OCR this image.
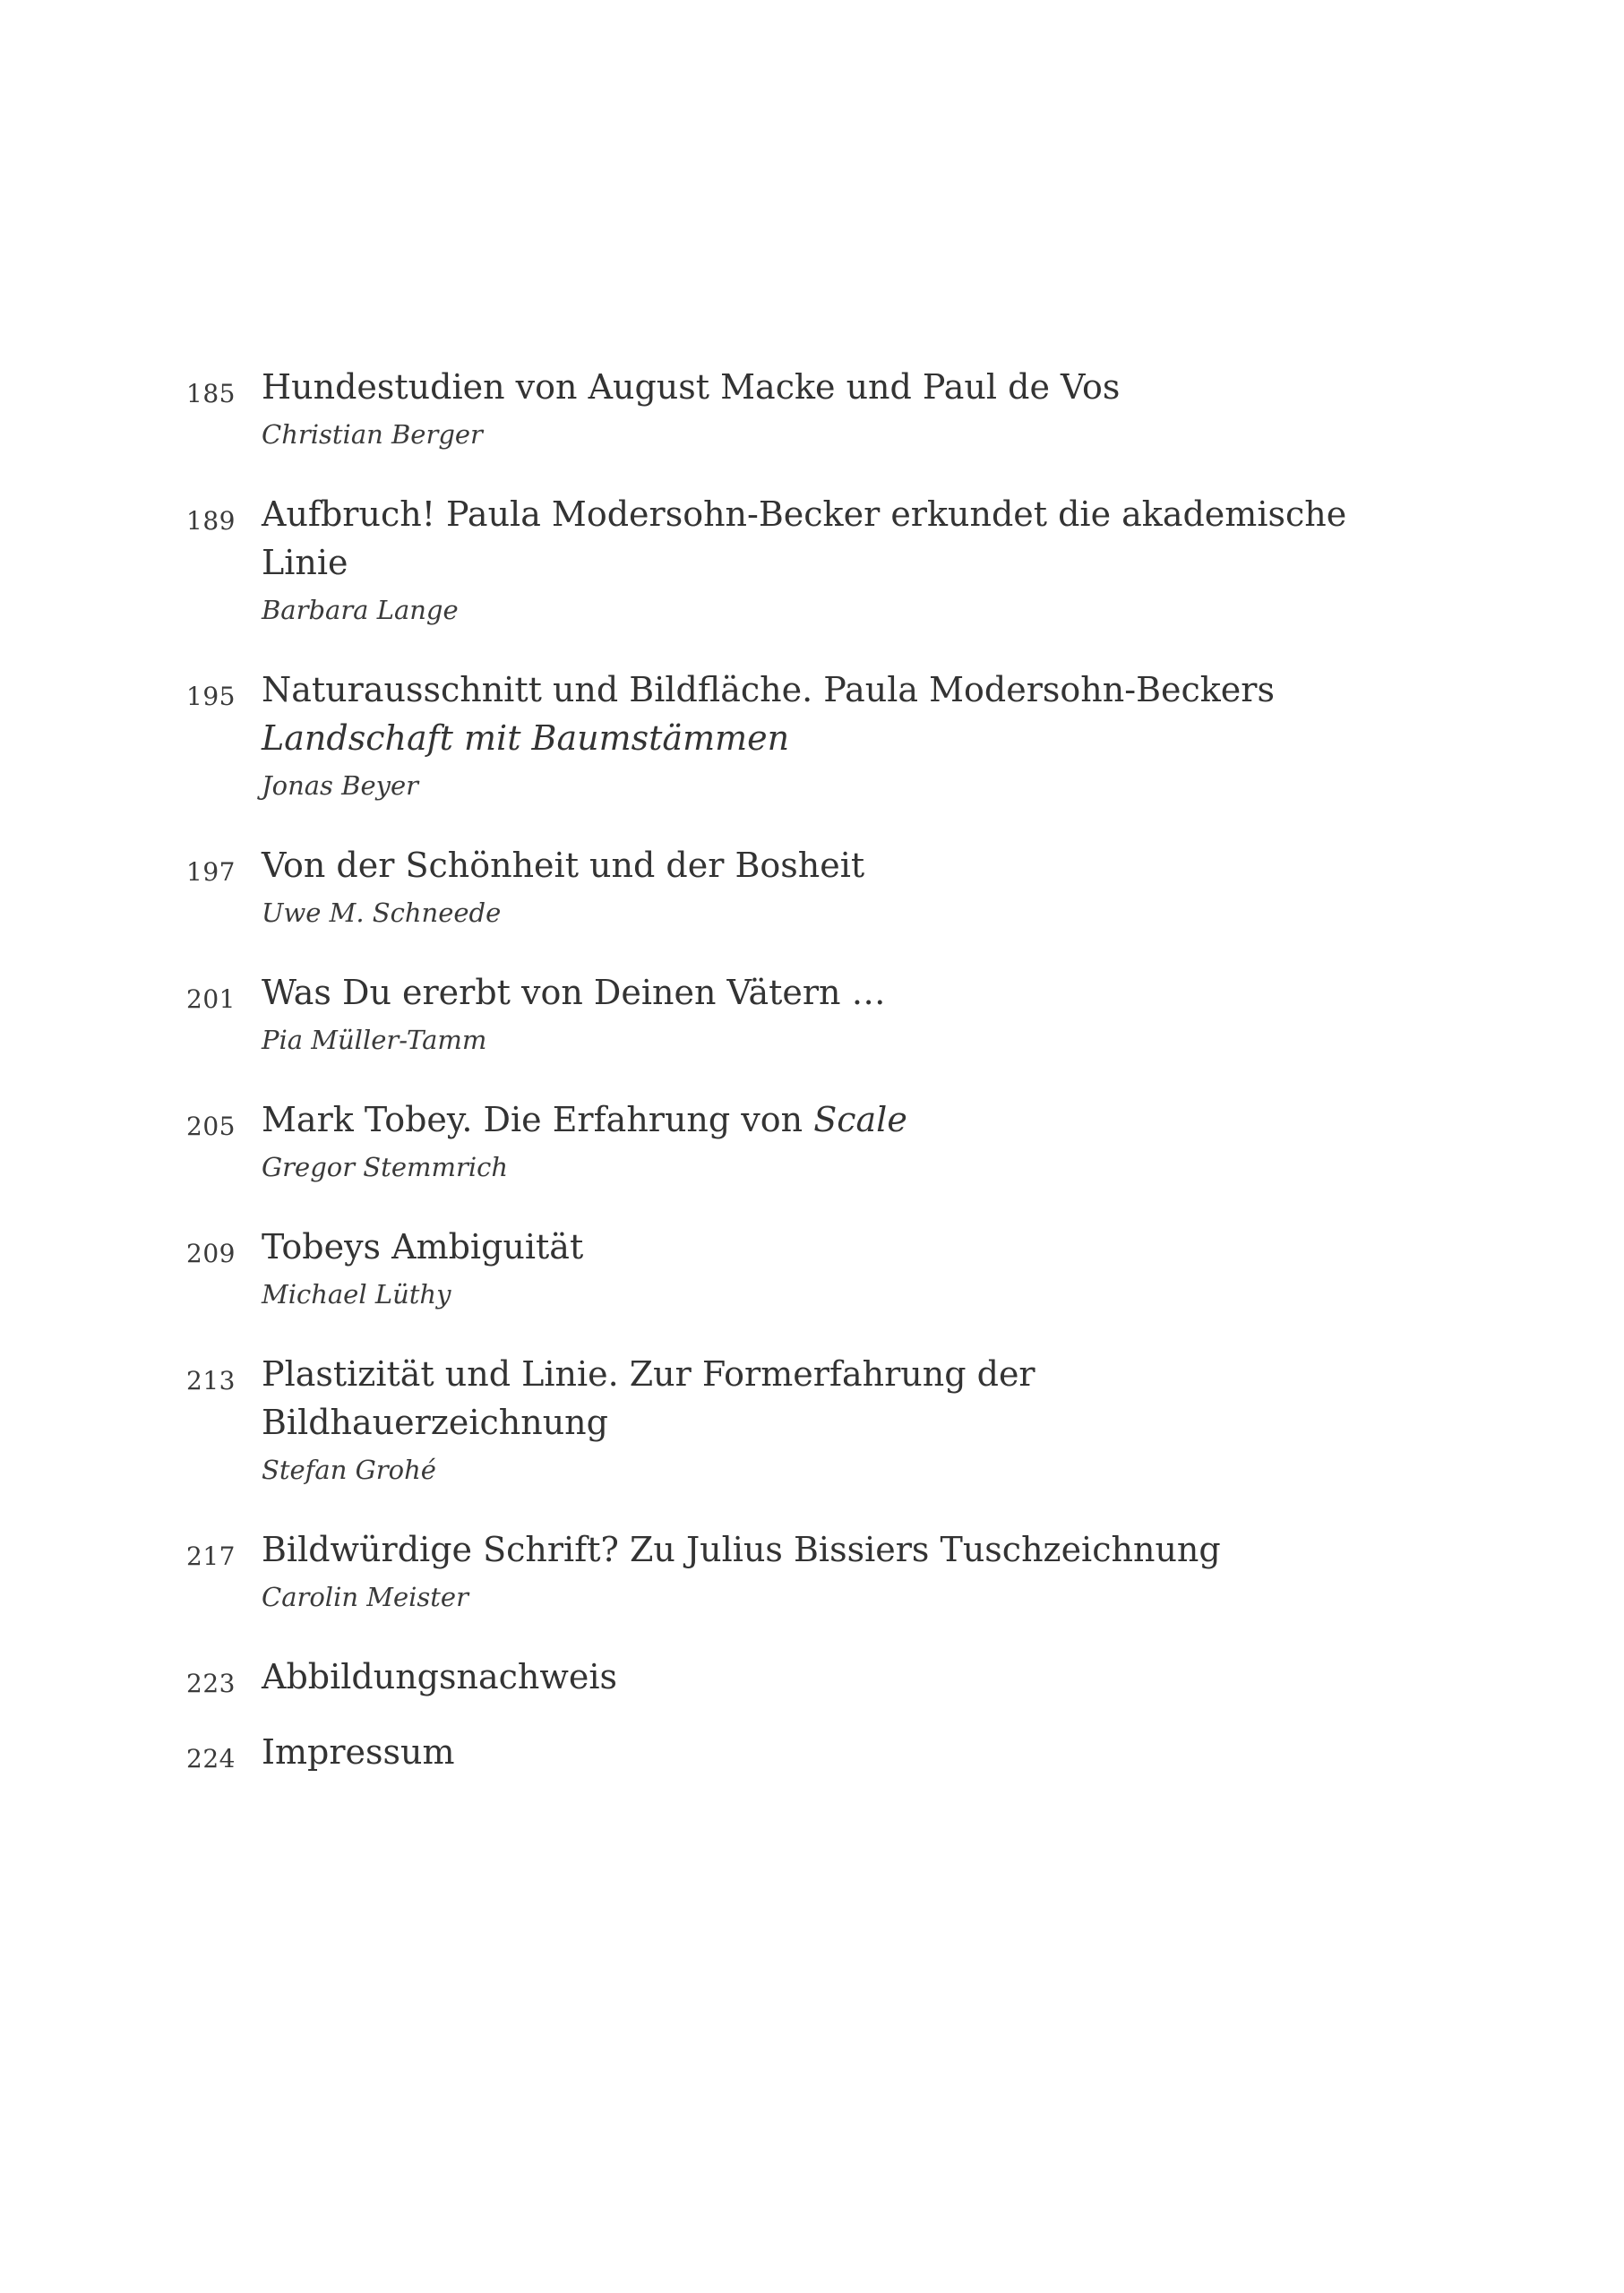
185 Hundestudien von August Macke und Paul de Vos
Christian Berger
189 Aufbruch! Paula Modersohn-Becker erkundet die akademische Linie
Barbara Lange
195 Naturausschnitt und Bildfläche. Paula Modersohn-Beckers Landschaft mit Baumstämmen
Jonas Beyer
197 Von der Schönheit und der Bosheit
Uwe M. Schneede
201 Was Du ererbt von Deinen Vätern …
Pia Müller-Tamm
205 Mark Tobey. Die Erfahrung von Scale
Gregor Stemmrich
209 Tobeys Ambiguität
Michael Lüthy
213 Plastizität und Linie. Zur Formerfahrung der Bildhauerzeichnung
Stefan Grohé
217 Bildwürdige Schrift? Zu Julius Bissiers Tuschzeichnung
Carolin Meister
223 Abbildungsnachweis
224 Impressum
